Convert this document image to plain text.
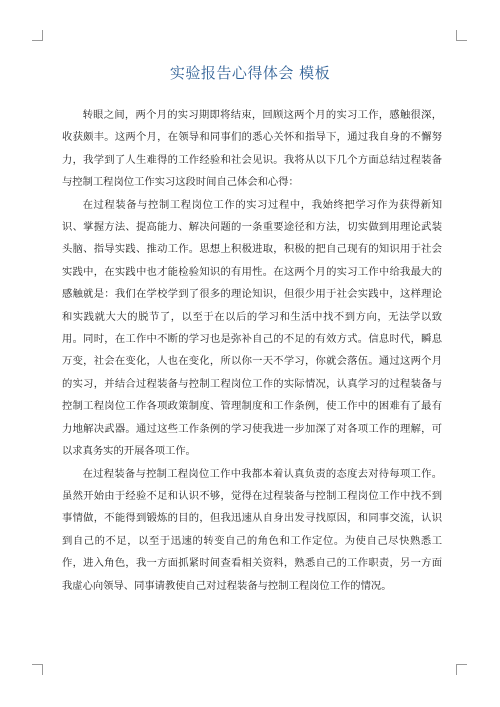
实验报告心得体会 模板

转眼之间，两个月的实习期即将结束，回顾这两个月的实习工作，感触很深，收获颇丰。这两个月，在领导和同事们的悉心关怀和指导下，通过我自身的不懈努力，我学到了人生难得的工作经验和社会见识。我将从以下几个方面总结过程装备与控制工程岗位工作实习这段时间自己体会和心得：

在过程装备与控制工程岗位工作的实习过程中，我始终把学习作为获得新知识、掌握方法、提高能力、解决问题的一条重要途径和方法，切实做到用理论武装头脑、指导实践、推动工作。思想上积极进取，积极的把自己现有的知识用于社会实践中，在实践中也才能检验知识的有用性。在这两个月的实习工作中给我最大的感触就是：我们在学校学到了很多的理论知识，但很少用于社会实践中，这样理论和实践就大大的脱节了，以至于在以后的学习和生活中找不到方向，无法学以致用。同时，在工作中不断的学习也是弥补自己的不足的有效方式。信息时代，瞬息万变，社会在变化，人也在变化，所以你一天不学习，你就会落伍。通过这两个月的实习，并结合过程装备与控制工程岗位工作的实际情况，认真学习的过程装备与控制工程岗位工作各项政策制度、管理制度和工作条例，使工作中的困难有了最有力地解决武器。通过这些工作条例的学习使我进一步加深了对各项工作的理解，可以求真务实的开展各项工作。

在过程装备与控制工程岗位工作中我都本着认真负责的态度去对待每项工作。虽然开始由于经验不足和认识不够，觉得在过程装备与控制工程岗位工作中找不到事情做，不能得到锻炼的目的，但我迅速从自身出发寻找原因，和同事交流，认识到自己的不足，以至于迅速的转变自己的角色和工作定位。为使自己尽快熟悉工作，进入角色，我一方面抓紧时间查看相关资料，熟悉自己的工作职责，另一方面我虚心向领导、同事请教使自己对过程装备与控制工程岗位工作的情况。
